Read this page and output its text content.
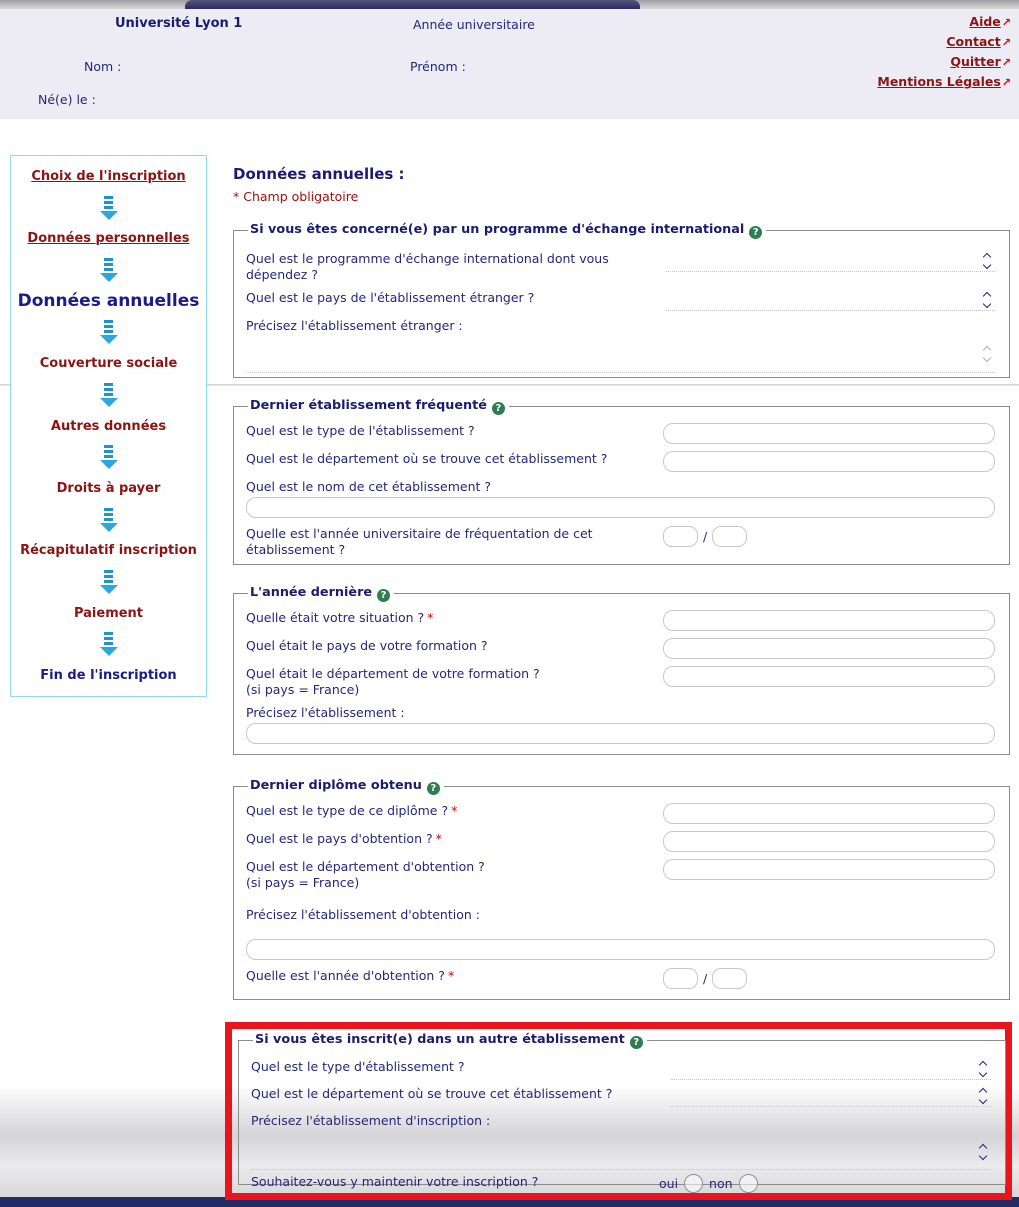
Université Lyon 1	Année universitaire
Nom :	Prénom :
Né(e) le :
Aide↗
Contact↗
Quitter↗
Mentions Légales↗
Choix de l'inscription
Données personnelles
Données annuelles
Couverture sociale
Autres données
Droits à payer
Récapitulatif inscription
Paiement
Fin de l'inscription
Données annuelles :
* Champ obligatoire
Si vous êtes concerné(e) par un programme d'échange international ?
Quel est le programme d'échange international dont vous dépendez ?
Quel est le pays de l'établissement étranger ?
Précisez l'établissement étranger :
Dernier établissement fréquenté ?
Quel est le type de l'établissement ?
Quel est le département où se trouve cet établissement ?
Quel est le nom de cet établissement ?
Quelle est l'année universitaire de fréquentation de cet établissement ?
/
L'année dernière ?
Quelle était votre situation ? *
Quel était le pays de votre formation ?
Quel était le département de votre formation ?
(si pays = France)
Précisez l'établissement :
Dernier diplôme obtenu ?
Quel est le type de ce diplôme ? *
Quel est le pays d'obtention ? *
Quel est le département d'obtention ?
(si pays = France)
Précisez l'établissement d'obtention :
Quelle est l'année d'obtention ? *	/
Si vous êtes inscrit(e) dans un autre établissement ?
Quel est le type d'établissement ?
Quel est le département où se trouve cet établissement ?
Précisez l'établissement d'inscription :
Souhaitez-vous y maintenir votre inscription ?	oui non
